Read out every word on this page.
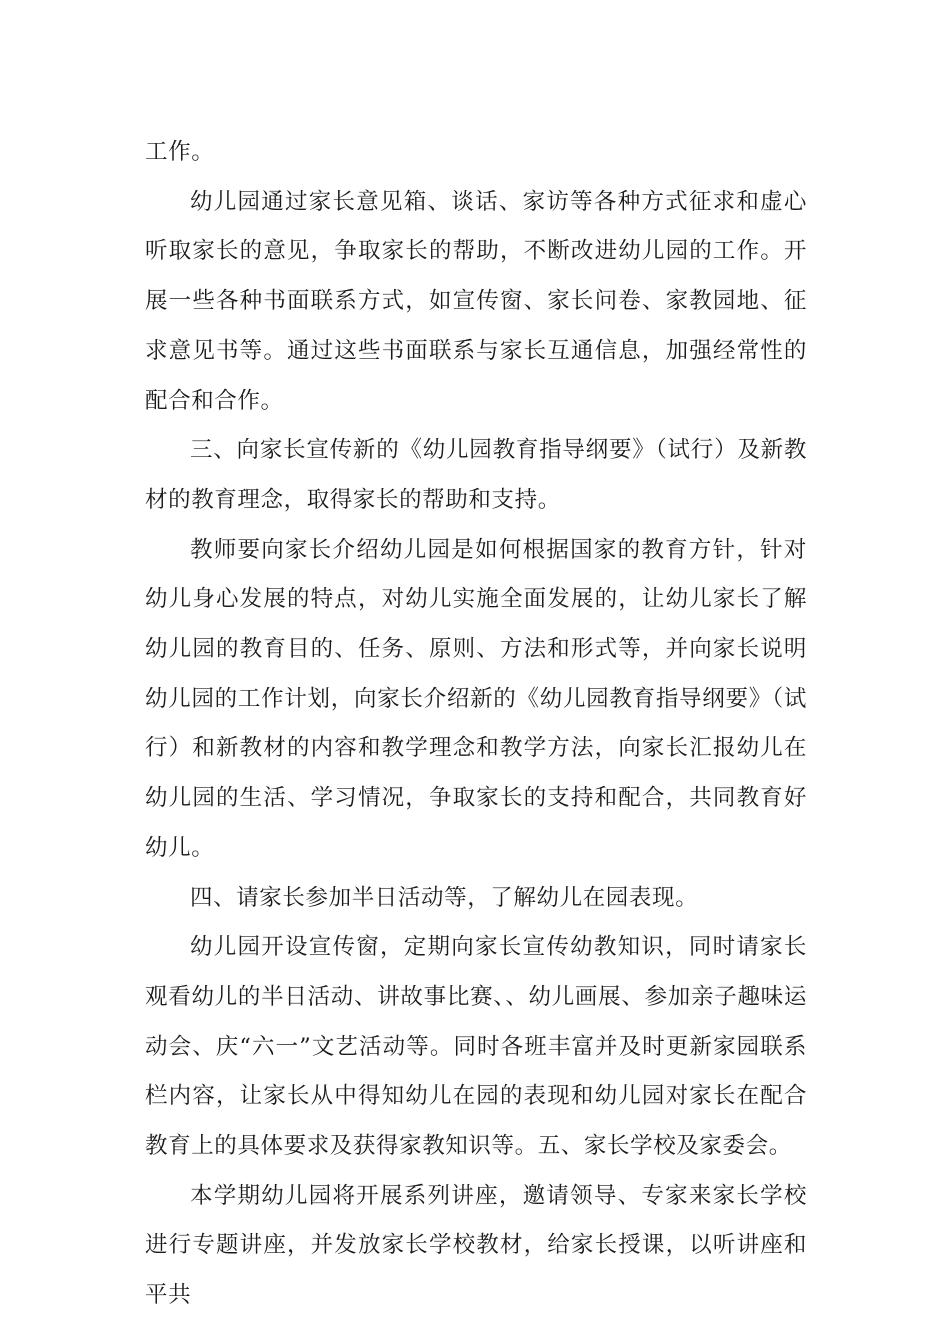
工作。

幼儿园通过家长意见箱、谈话、家访等各种方式征求和虚心听取家长的意见，争取家长的帮助，不断改进幼儿园的工作。开展一些各种书面联系方式，如宣传窗、家长问卷、家教园地、征求意见书等。通过这些书面联系与家长互通信息，加强经常性的配合和合作。

三、向家长宣传新的《幼儿园教育指导纲要》（试行）及新教材的教育理念，取得家长的帮助和支持。

教师要向家长介绍幼儿园是如何根据国家的教育方针，针对幼儿身心发展的特点，对幼儿实施全面发展的，让幼儿家长了解幼儿园的教育目的、任务、原则、方法和形式等，并向家长说明幼儿园的工作计划，向家长介绍新的《幼儿园教育指导纲要》（试行）和新教材的内容和教学理念和教学方法，向家长汇报幼儿在幼儿园的生活、学习情况，争取家长的支持和配合，共同教育好幼儿。

四、请家长参加半日活动等，了解幼儿在园表现。

幼儿园开设宣传窗，定期向家长宣传幼教知识，同时请家长观看幼儿的半日活动、讲故事比赛、、幼儿画展、参加亲子趣味运动会、庆“六一”文艺活动等。同时各班丰富并及时更新家园联系栏内容，让家长从中得知幼儿在园的表现和幼儿园对家长在配合教育上的具体要求及获得家教知识等。五、家长学校及家委会。

本学期幼儿园将开展系列讲座，邀请领导、专家来家长学校进行专题讲座，并发放家长学校教材，给家长授课，以听讲座和平共
